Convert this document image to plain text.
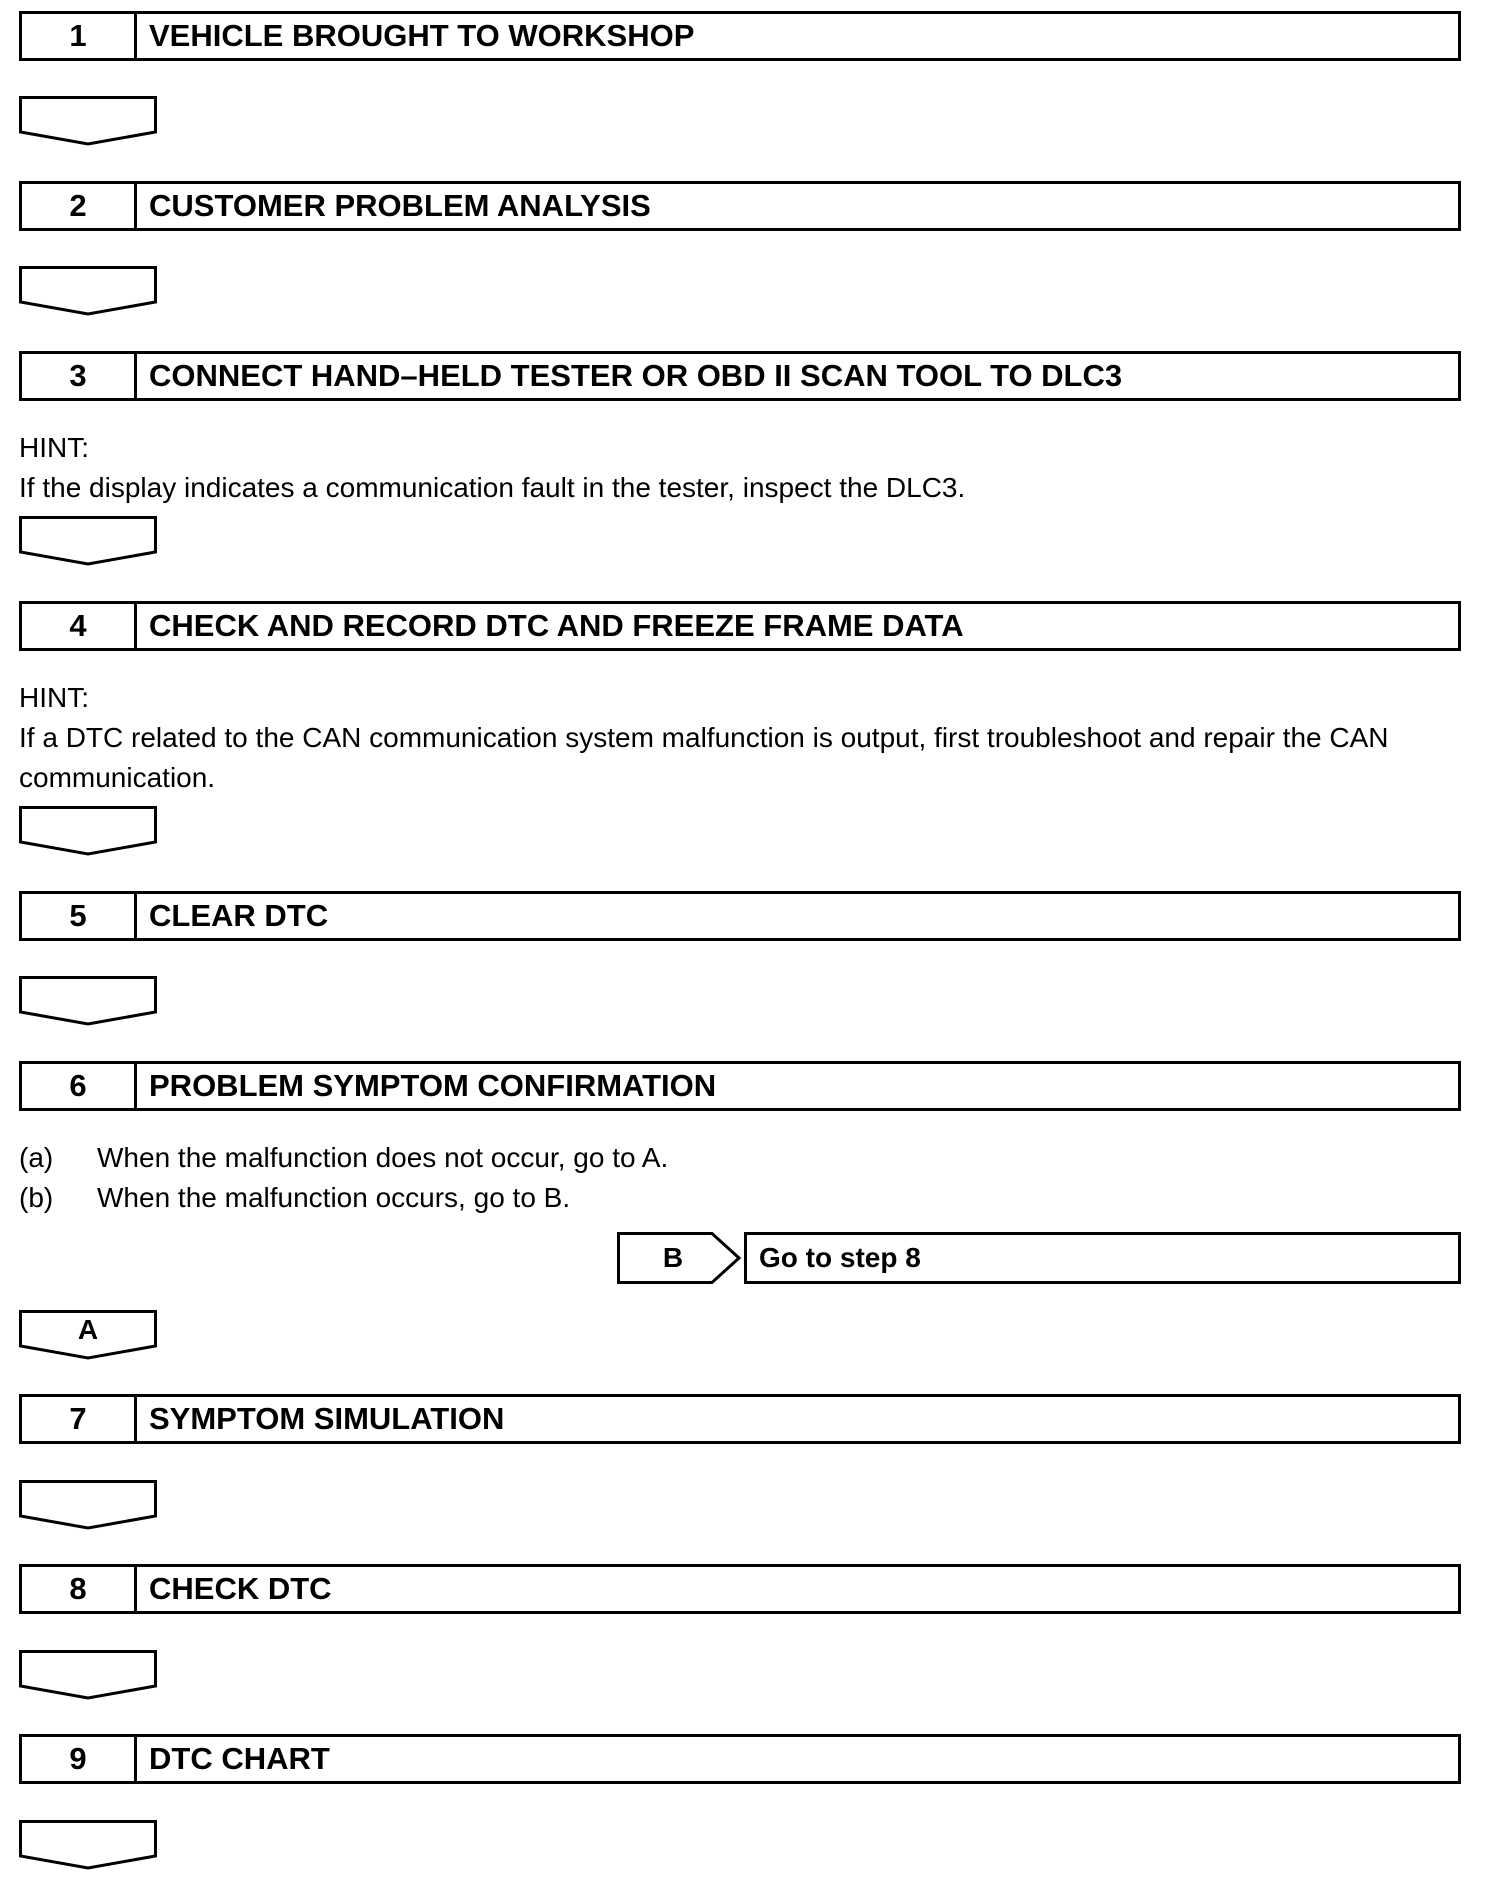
1	VEHICLE BROUGHT TO WORKSHOP
2	CUSTOMER PROBLEM ANALYSIS
3	CONNECT HAND–HELD TESTER OR OBD II SCAN TOOL TO DLC3
HINT:
If the display indicates a communication fault in the tester, inspect the DLC3.
4	CHECK AND RECORD DTC AND FREEZE FRAME DATA
HINT:
If a DTC related to the CAN communication system malfunction is output, first troubleshoot and repair the CAN communication.
5	CLEAR DTC
6	PROBLEM SYMPTOM CONFIRMATION
(a) When the malfunction does not occur, go to A.
(b) When the malfunction occurs, go to B.
B	Go to step 8
A
7	SYMPTOM SIMULATION
8	CHECK DTC
9	DTC CHART
